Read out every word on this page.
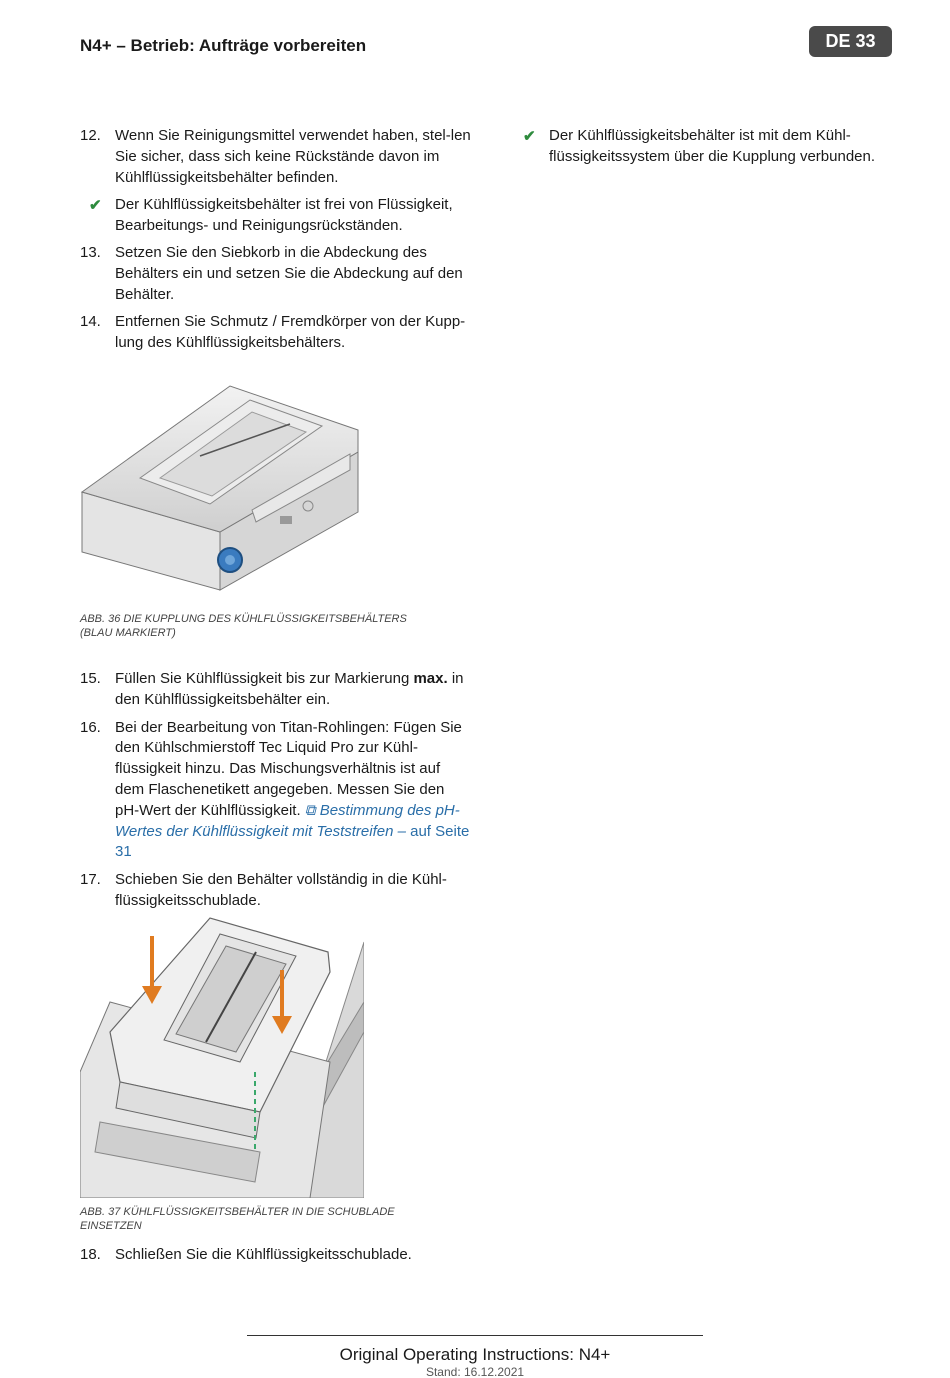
N4+ – Betrieb: Aufträge vorbereiten	DE 33
12. Wenn Sie Reinigungsmittel verwendet haben, stel-len Sie sicher, dass sich keine Rückstände davon im Kühlflüssigkeitsbehälter befinden.
✔ Der Kühlflüssigkeitsbehälter ist frei von Flüssigkeit, Bearbeitungs- und Reinigungsrückständen.
13. Setzen Sie den Siebkorb in die Abdeckung des Behälters ein und setzen Sie die Abdeckung auf den Behälter.
14. Entfernen Sie Schmutz / Fremdkörper von der Kupp-lung des Kühlflüssigkeitsbehälters.
ABB. 36 DIE KUPPLUNG DES KÜHLFLÜSSIGKEITSBEHÄLTERS (BLAU MARKIERT)
15. Füllen Sie Kühlflüssigkeit bis zur Markierung max. in den Kühlflüssigkeitsbehälter ein.
16. Bei der Bearbeitung von Titan-Rohlingen: Fügen Sie den Kühlschmierstoff Tec Liquid Pro zur Kühl-flüssigkeit hinzu. Das Mischungsverhältnis ist auf dem Flaschenetikett angegeben. Messen Sie den pH-Wert der Kühlflüssigkeit. ⧉ Bestimmung des pH-Wertes der Kühlflüssigkeit mit Teststreifen – auf Seite 31
17. Schieben Sie den Behälter vollständig in die Kühl-flüssigkeitsschublade.
ABB. 37 KÜHLFLÜSSIGKEITSBEHÄLTER IN DIE SCHUBLADE EINSETZEN
18. Schließen Sie die Kühlflüssigkeitsschublade.
✔ Der Kühlflüssigkeitsbehälter ist mit dem Kühl-flüssigkeitssystem über die Kupplung verbunden.
Original Operating Instructions: N4+
Stand: 16.12.2021
